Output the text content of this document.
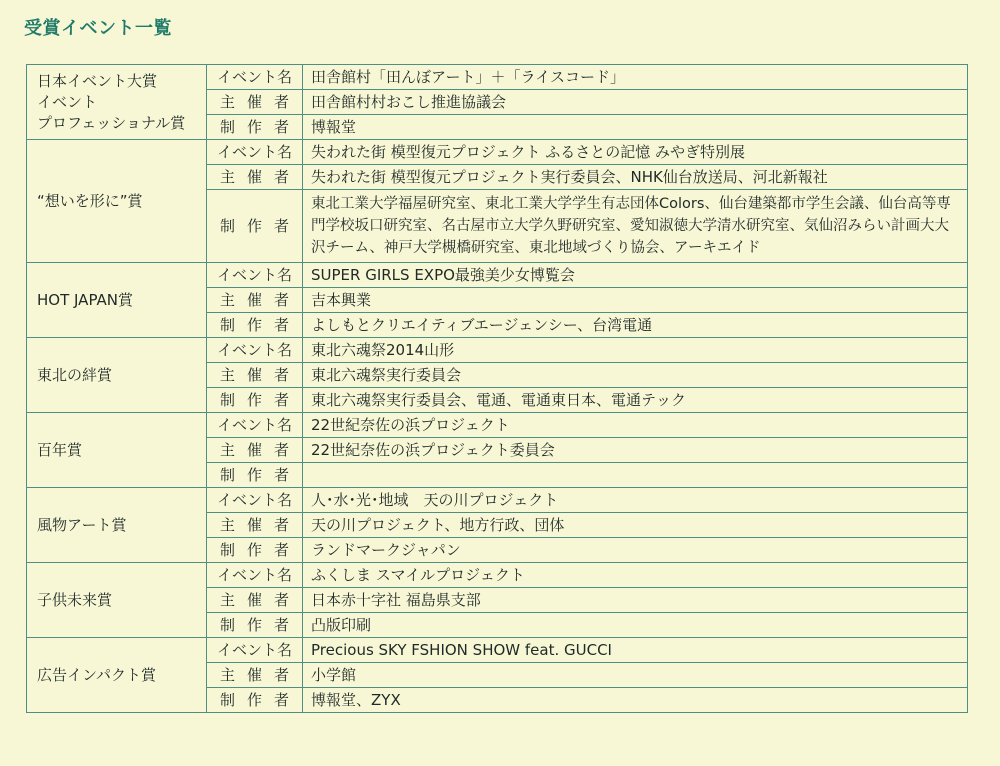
受賞イベント一覧
日本イベント大賞
イベント
プロフェッショナル賞	イベント名	田舎館村「田んぼアート」＋「ライスコード」
	主催者	田舎館村村おこし推進協議会
	制作者	博報堂

“想いを形に”賞	イベント名	失われた街 模型復元プロジェクト ふるさとの記憶 みやぎ特別展
	主催者	失われた街 模型復元プロジェクト実行委員会、NHK仙台放送局、河北新報社
	制作者	東北工業大学福屋研究室、東北工業大学学生有志団体Colors、仙台建築都市学生会議、仙台高等専門学校坂口研究室、名古屋市立大学久野研究室、愛知淑徳大学清水研究室、気仙沼みらい計画大大沢チーム、神戸大学槻橋研究室、東北地域づくり協会、アーキエイド

HOT JAPAN賞	イベント名	SUPER GIRLS EXPO最強美少女博覧会
	主催者	吉本興業
	制作者	よしもとクリエイティブエージェンシー、台湾電通

東北の絆賞	イベント名	東北六魂祭2014山形
	主催者	東北六魂祭実行委員会
	制作者	東北六魂祭実行委員会、電通、電通東日本、電通テック

百年賞	イベント名	22世紀奈佐の浜プロジェクト
	主催者	22世紀奈佐の浜プロジェクト委員会
	制作者	

風物アート賞	イベント名	人･水･光･地域　天の川プロジェクト
	主催者	天の川プロジェクト、地方行政、団体
	制作者	ランドマークジャパン

子供未来賞	イベント名	ふくしま スマイルプロジェクト
	主催者	日本赤十字社 福島県支部
	制作者	凸版印刷

広告インパクト賞	イベント名	Precious SKY FSHION SHOW feat. GUCCI
	主催者	小学館
	制作者	博報堂、ZYX
